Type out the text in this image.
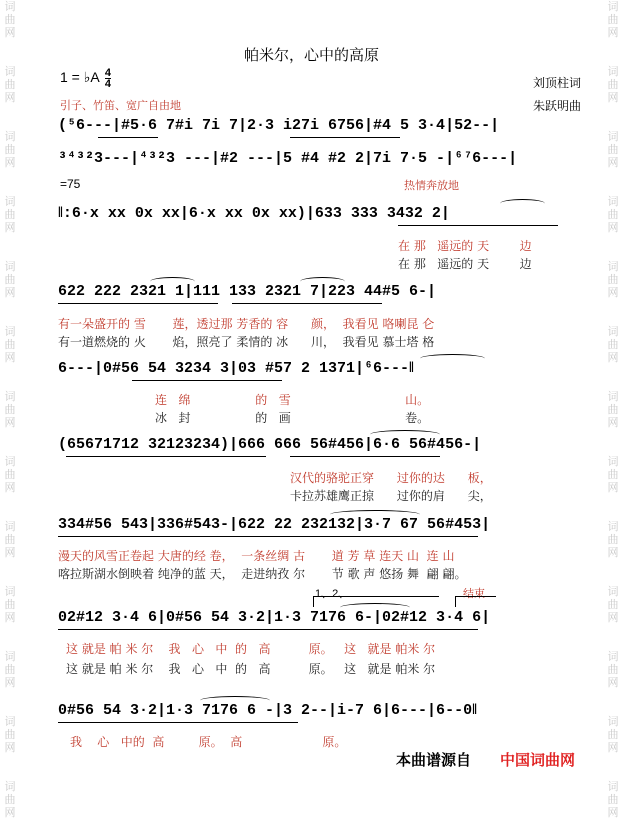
词
曲
网
词
曲
网
词
曲
网
词
曲
网
词
曲
网
词
曲
网
词
曲
网
词
曲
网
词
曲
网
词
曲
网
词
曲
网
词
曲
网
词
曲
网
词
曲
网
词
曲
网
词
曲
网
词
曲
网
词
曲
网
词
曲
网
词
曲
网
词
曲
网
词
曲
网
词
曲
网
词
曲
网
词
曲
网
词
曲
网
帕米尔，心中的高原
1 = ♭A $\frac{4}{4}$	刘顶柱词
朱跃明曲
引子、竹笛、宽广自由地
=75	热情奔放地
(⁵6---|#5·6 7#i 7i 7|2·3 i27i 6756|#4 5 3·4|52--|
³⁴³²3---|⁴³²3 ---|#2 ---|5 #4 #2 2|7i 7·5 -|⁶⁷6---|
‖:6·x xx 0x xx|6·x xx 0x xx)|633 333 3432 2|
622 222 2321 1|111 133 2321 7|223 44#5 6-|
6---|0#56 54 3234 3|03 #57 2 1371|⁶6---‖
(65671712 32123234)|666 666 56#456|6·6 56#456-|
334#56 543|336#543-|622 22 232132|3·7 67 56#453|
02#12 3·4 6|0#56 54 3·2|1·3 7176 6-|02#12 3·4 6|
0#56 54 3·2|1·3 7176 6 -|3 2--|i-7 6|6---|6--0‖
在 那   遥远的 天        边
在 那   遥远的 天        边
有一朵盛开的 雪       莲，透过那 芳香的 容      颜，  我看见 咯喇昆 仑
有一道燃烧的 火       焰，照亮了 柔情的 冰      川，  我看见 慕士塔 格
连   绵                 的   雪                              山。
冰   封                 的   画                              卷。
汉代的骆驼正穿      过你的达      板，
卡拉苏雄鹰正掠      过你的肩      尖，
漫天的风雪正卷起 大唐的经 卷，  一条丝绸 古       道 芳 草 连天 山  连 山
喀拉斯湖水倒映着 纯净的蓝 天，  走进纳孜 尔       节 歌 声 悠扬 舞  翩 翩。
这 就是 帕 米 尔    我   心   中  的   高          原。   这   就是 帕米 尔
这 就是 帕 米 尔    我   心   中  的   高          原。   这   就是 帕米 尔
我    心   中的  高         原。  高                     原。
1、2、	结束
本曲谱源自 中国词曲网
